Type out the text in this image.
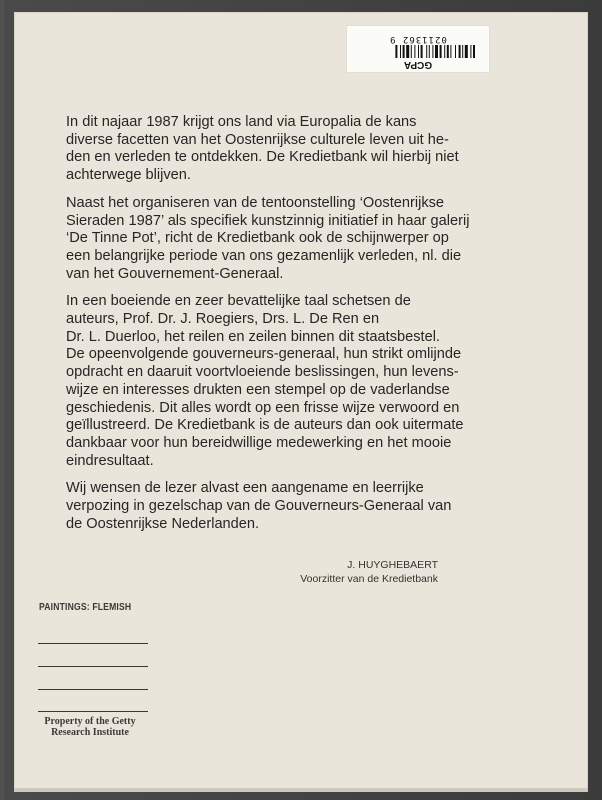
0211362 9
GCPA

In dit najaar 1987 krijgt ons land via Europalia de kans
diverse facetten van het Oostenrijkse culturele leven uit he-
den en verleden te ontdekken. De Kredietbank wil hierbij niet
achterwege blijven.

Naast het organiseren van de tentoonstelling ‘Oostenrijkse
Sieraden 1987’ als specifiek kunstzinnig initiatief in haar galerij
‘De Tinne Pot’, richt de Kredietbank ook de schijnwerper op
een belangrijke periode van ons gezamenlijk verleden, nl. die
van het Gouvernement-Generaal.

In een boeiende en zeer bevattelijke taal schetsen de
auteurs, Prof. Dr. J. Roegiers, Drs. L. De Ren en
Dr. L. Duerloo, het reilen en zeilen binnen dit staatsbestel.
De opeenvolgende gouverneurs-generaal, hun strikt omlijnde
opdracht en daaruit voortvloeiende beslissingen, hun levens-
wijze en interesses drukten een stempel op de vaderlandse
geschiedenis. Dit alles wordt op een frisse wijze verwoord en
geïllustreerd. De Kredietbank is de auteurs dan ook uitermate
dankbaar voor hun bereidwillige medewerking en het mooie
eindresultaat.

Wij wensen de lezer alvast een aangename en leerrijke
verpozing in gezelschap van de Gouverneurs-Generaal van
de Oostenrijkse Nederlanden.

J. HUYGHEBAERT
Voorzitter van de Kredietbank
PAINTINGS: FLEMISH
Property of the Getty
Research Institute
